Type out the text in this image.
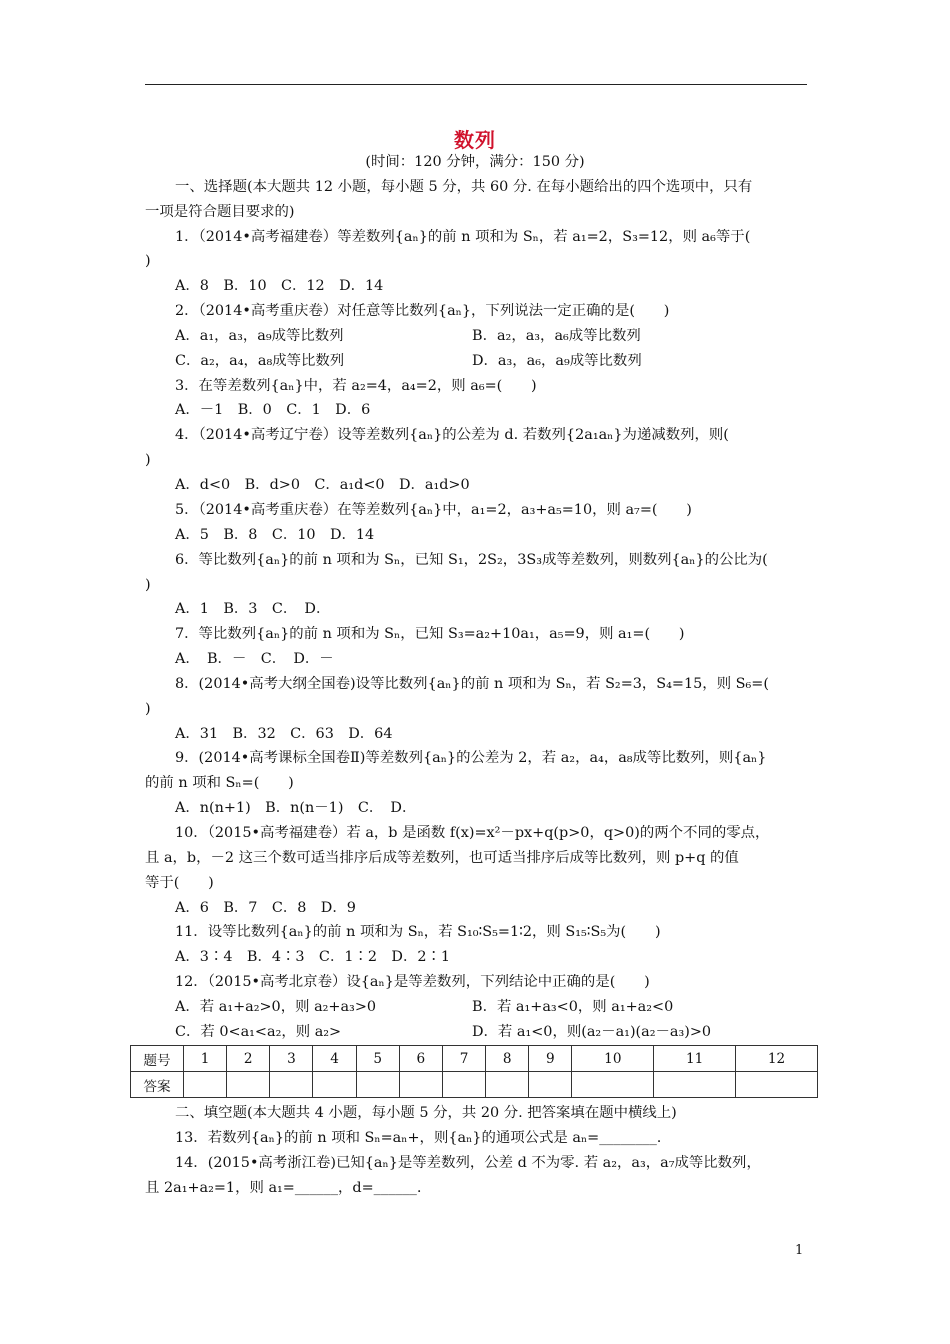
数列
(时间：120 分钟，满分：150 分)
一、选择题(本大题共 12 小题，每小题 5 分，共 60 分. 在每小题给出的四个选项中，只有
一项是符合题目要求的)
1．（2014•高考福建卷）等差数列{aₙ}的前 n 项和为 Sₙ，若 a₁=2，S₃=12，则 a₆等于(
)
A．8　B．10　C．12　D．14
2．（2014•高考重庆卷）对任意等比数列{aₙ}，下列说法一定正确的是(　　)
A．a₁，a₃，a₉成等比数列	B．a₂，a₃，a₆成等比数列
C．a₂，a₄，a₈成等比数列	D．a₃，a₆，a₉成等比数列
3．在等差数列{aₙ}中，若 a₂=4，a₄=2，则 a₆=(　　)
A．－1　B．0　C．1　D．6
4．（2014•高考辽宁卷）设等差数列{aₙ}的公差为 d. 若数列{2a₁aₙ}为递减数列，则(
)
A．d<0　B．d>0　C．a₁d<0　D．a₁d>0
5．（2014•高考重庆卷）在等差数列{aₙ}中，a₁=2，a₃+a₅=10，则 a₇=(　　)
A．5　B．8　C．10　D．14
6．等比数列{aₙ}的前 n 项和为 Sₙ，已知 S₁，2S₂，3S₃成等差数列，则数列{aₙ}的公比为(
)
A．1　B．3　C．　D．
7．等比数列{aₙ}的前 n 项和为 Sₙ，已知 S₃=a₂+10a₁，a₅=9，则 a₁=(　　)
A．　B．－　C．　D．－
8．(2014•高考大纲全国卷)设等比数列{aₙ}的前 n 项和为 Sₙ，若 S₂=3，S₄=15，则 S₆=(
)
A．31　B．32　C．63　D．64
9．(2014•高考课标全国卷Ⅱ)等差数列{aₙ}的公差为 2，若 a₂，a₄，a₈成等比数列，则{aₙ}
的前 n 项和 Sₙ=(　　)
A．n(n+1)　B．n(n－1)　C．　D．
10．（2015•高考福建卷）若 a，b 是函数 f(x)=x²－px+q(p>0，q>0)的两个不同的零点，
且 a，b，－2 这三个数可适当排序后成等差数列，也可适当排序后成等比数列，则 p+q 的值
等于(　　)
A．6　B．7　C．8　D．9
11．设等比数列{aₙ}的前 n 项和为 Sₙ，若 S₁₀∶S₅=1∶2，则 S₁₅∶S₅为(　　)
A．3∶4　B．4∶3　C．1∶2　D．2∶1
12．（2015•高考北京卷）设{aₙ}是等差数列，下列结论中正确的是(　　)
A．若 a₁+a₂>0，则 a₂+a₃>0	B．若 a₁+a₃<0，则 a₁+a₂<0
C．若 0<a₁<a₂，则 a₂>	D．若 a₁<0，则(a₂－a₁)(a₂－a₃)>0
题号	1	2	3	4	5	6	7	8	9	10	11	12
答案												
二、填空题(本大题共 4 小题，每小题 5 分，共 20 分. 把答案填在题中横线上)
13．若数列{aₙ}的前 n 项和 Sₙ=aₙ+，则{aₙ}的通项公式是 aₙ=________.
14．(2015•高考浙江卷)已知{aₙ}是等差数列，公差 d 不为零. 若 a₂，a₃，a₇成等比数列，
且 2a₁+a₂=1，则 a₁=______，d=______.
1
